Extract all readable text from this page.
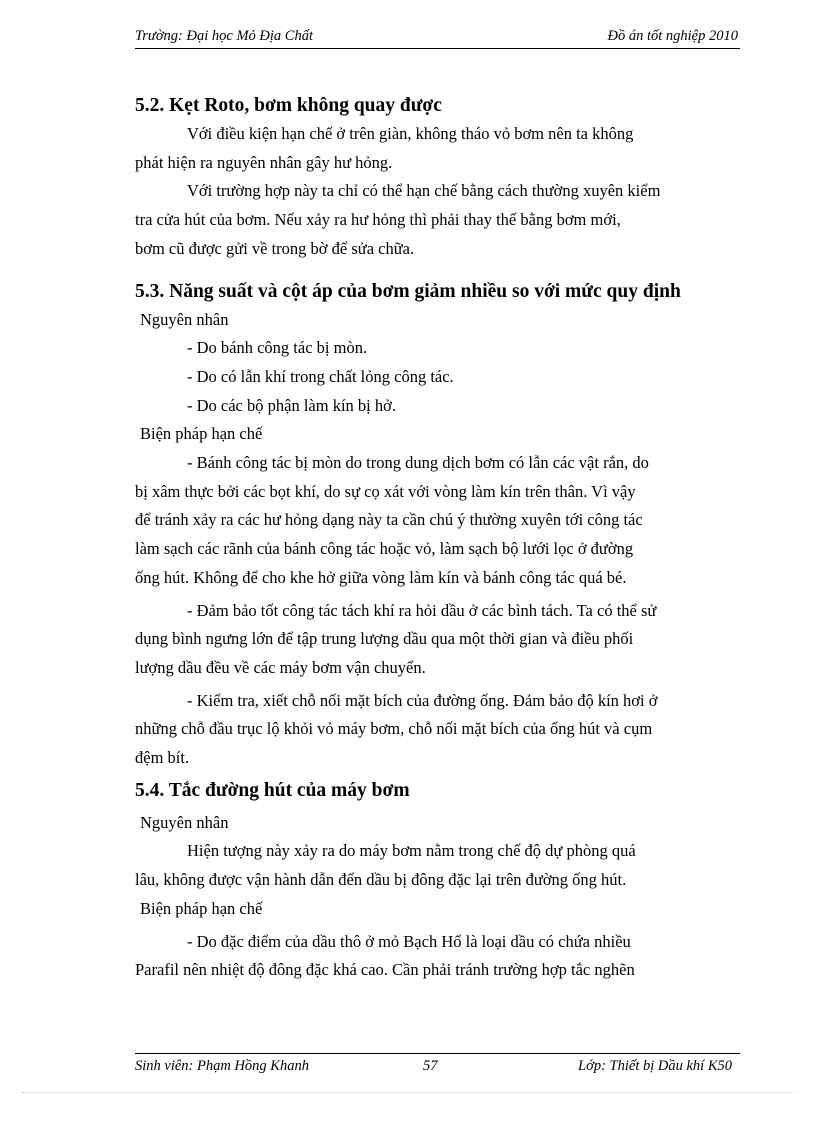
Trường: Đại học Mỏ Địa Chất	Đồ án tốt nghiệp 2010
5.2. Kẹt Roto, bơm không quay được

Với điều kiện hạn chế ở trên giàn, không tháo vỏ bơm nên ta không
phát hiện ra nguyên nhân gây hư hỏng.

Với trường hợp này ta chỉ có thể hạn chế bằng cách thường xuyên kiểm
tra cửa hút của bơm. Nếu xảy ra hư hỏng thì phải thay thế bằng bơm mới,
bơm cũ được gửi về trong bờ để sửa chữa.

5.3. Năng suất và cột áp của bơm giảm nhiều so với mức quy định

Nguyên nhân

- Do bánh công tác bị mòn.

- Do có lẫn khí trong chất lỏng công tác.

- Do các bộ phận làm kín bị hở.

Biện pháp hạn chế

- Bánh công tác bị mòn do trong dung dịch bơm có lẫn các vật rắn, do
bị xâm thực bởi các bọt khí, do sự cọ xát với vòng làm kín trên thân. Vì vậy
để tránh xảy ra các hư hỏng dạng này ta cần chú ý thường xuyên tới công tác
làm sạch các rãnh của bánh công tác hoặc vỏ, làm sạch bộ lưới lọc ở đường
ống hút. Không để cho khe hở giữa vòng làm kín và bánh công tác quá bé.

- Đảm bảo tốt công tác tách khí ra hỏi dầu ở các bình tách. Ta có thể sử
dụng bình ngưng lớn để tập trung lượng dầu qua một thời gian và điều phối
lượng dầu đều về các máy bơm vận chuyển.

- Kiểm tra, xiết chỗ nối mặt bích của đường ống. Đảm bảo độ kín hơi ở
những chỗ đầu trục lộ khỏi vỏ máy bơm, chỗ nối mặt bích của ống hút và cụm
đệm bít.

5.4. Tắc đường hút của máy bơm

Nguyên nhân

Hiện tượng này xảy ra do máy bơm nằm trong chế độ dự phòng quá
lâu, không được vận hành dẫn đến dầu bị đông đặc lại trên đường ống hút.

Biện pháp hạn chế

- Do đặc điểm của dầu thô ở mỏ Bạch Hổ là loại dầu có chứa nhiều
Parafil nên nhiệt độ đông đặc khá cao. Cần phải tránh trường hợp tắc nghẽn

Sinh viên: Phạm Hồng Khanh	57	Lớp: Thiết bị Dầu khí K50
